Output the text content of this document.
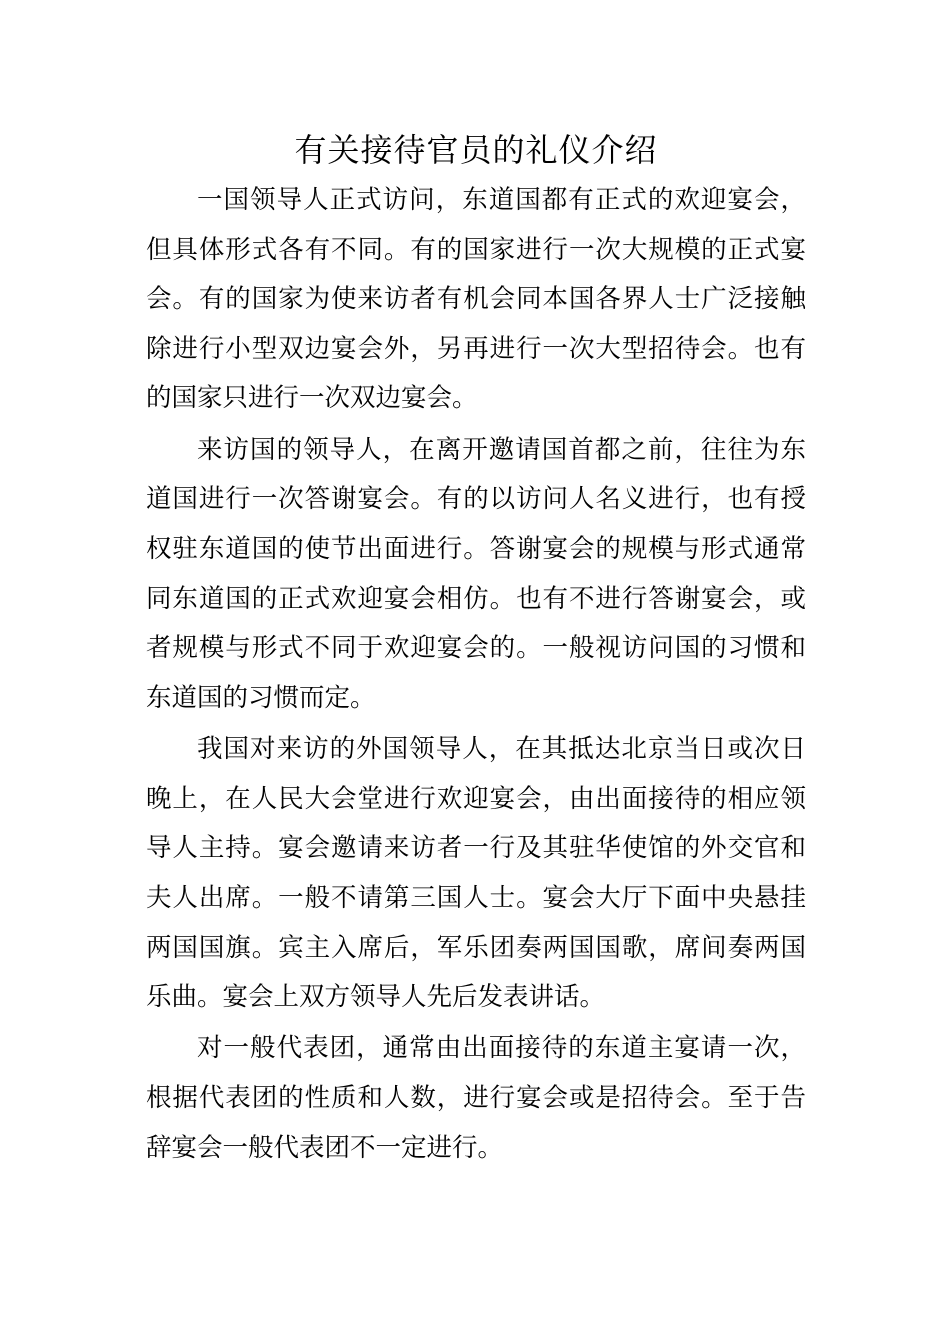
有关接待官员的礼仪介绍

一国领导人正式访问，东道国都有正式的欢迎宴会，但具体形式各有不同。有的国家进行一次大规模的正式宴会。有的国家为使来访者有机会同本国各界人士广泛接触除进行小型双边宴会外，另再进行一次大型招待会。也有的国家只进行一次双边宴会。

来访国的领导人，在离开邀请国首都之前，往往为东道国进行一次答谢宴会。有的以访问人名义进行，也有授权驻东道国的使节出面进行。答谢宴会的规模与形式通常同东道国的正式欢迎宴会相仿。也有不进行答谢宴会，或者规模与形式不同于欢迎宴会的。一般视访问国的习惯和东道国的习惯而定。

我国对来访的外国领导人，在其抵达北京当日或次日晚上，在人民大会堂进行欢迎宴会，由出面接待的相应领导人主持。宴会邀请来访者一行及其驻华使馆的外交官和夫人出席。一般不请第三国人士。宴会大厅下面中央悬挂两国国旗。宾主入席后，军乐团奏两国国歌，席间奏两国乐曲。宴会上双方领导人先后发表讲话。

对一般代表团，通常由出面接待的东道主宴请一次，根据代表团的性质和人数，进行宴会或是招待会。至于告辞宴会一般代表团不一定进行。
